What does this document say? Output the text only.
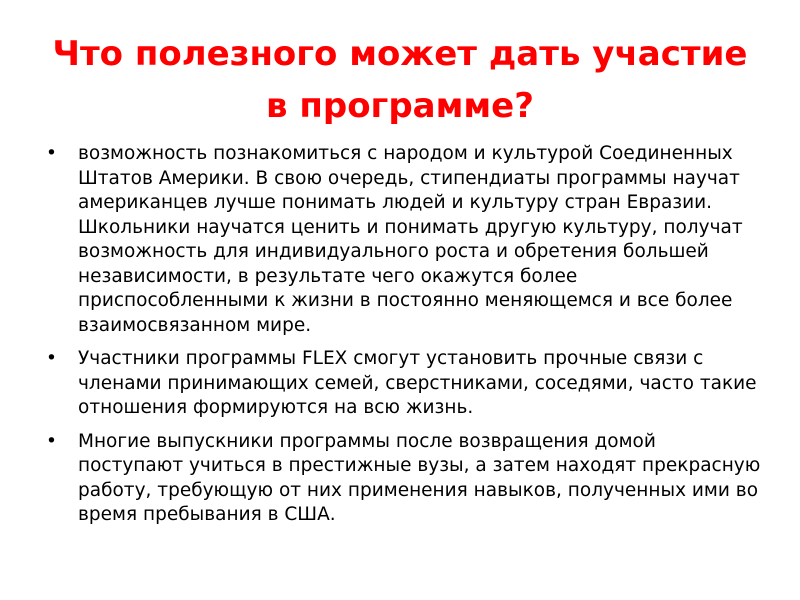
Что полезного может дать участие в программе?
• возможность познакомиться с народом и культурой Соединенных Штатов Америки. В свою очередь, стипендиаты программы научат американцев лучше понимать людей и культуру стран Евразии. Школьники научатся ценить и понимать другую культуру, получат возможность для индивидуального роста и обретения большей независимости, в результате чего окажутся более приспособленными к жизни в постоянно меняющемся и все более взаимосвязанном мире.
• Участники программы FLEX смогут установить прочные связи с членами принимающих семей, сверстниками, соседями, часто такие отношения формируются на всю жизнь.
• Многие выпускники программы после возвращения домой поступают учиться в престижные вузы, а затем находят прекрасную работу, требующую от них применения навыков, полученных ими во время пребывания в США.
